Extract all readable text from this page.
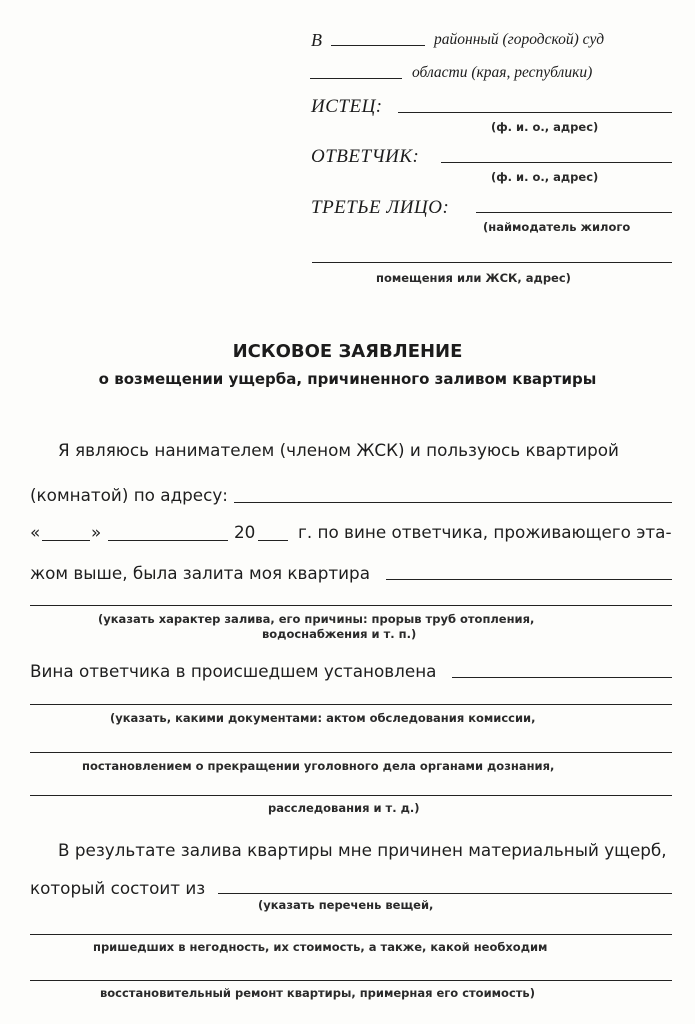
В	районный (городской) суд
области (края, республики)
ИСТЕЦ:
(ф. и. о., адрес)
ОТВЕТЧИК:
(ф. и. о., адрес)
ТРЕТЬЕ ЛИЦО:
(наймодатель жилого
помещения или ЖСК, адрес)
ИСКОВОЕ ЗАЯВЛЕНИЕ
о возмещении ущерба, причиненного заливом квартиры
Я являюсь нанимателем (членом ЖСК) и пользуюсь квартирой
(комнатой) по адресу:
«	»	20	г. по вине ответчика, проживающего эта-
жом выше, была залита моя квартира
(указать характер залива, его причины: прорыв труб отопления,
водоснабжения и т. п.)
Вина ответчика в происшедшем установлена
(указать, какими документами: актом обследования комиссии,
постановлением о прекращении уголовного дела органами дознания,
расследования и т. д.)
В результате залива квартиры мне причинен материальный ущерб,
который состоит из
(указать перечень вещей,
пришедших в негодность, их стоимость, а также, какой необходим
восстановительный ремонт квартиры, примерная его стоимость)
